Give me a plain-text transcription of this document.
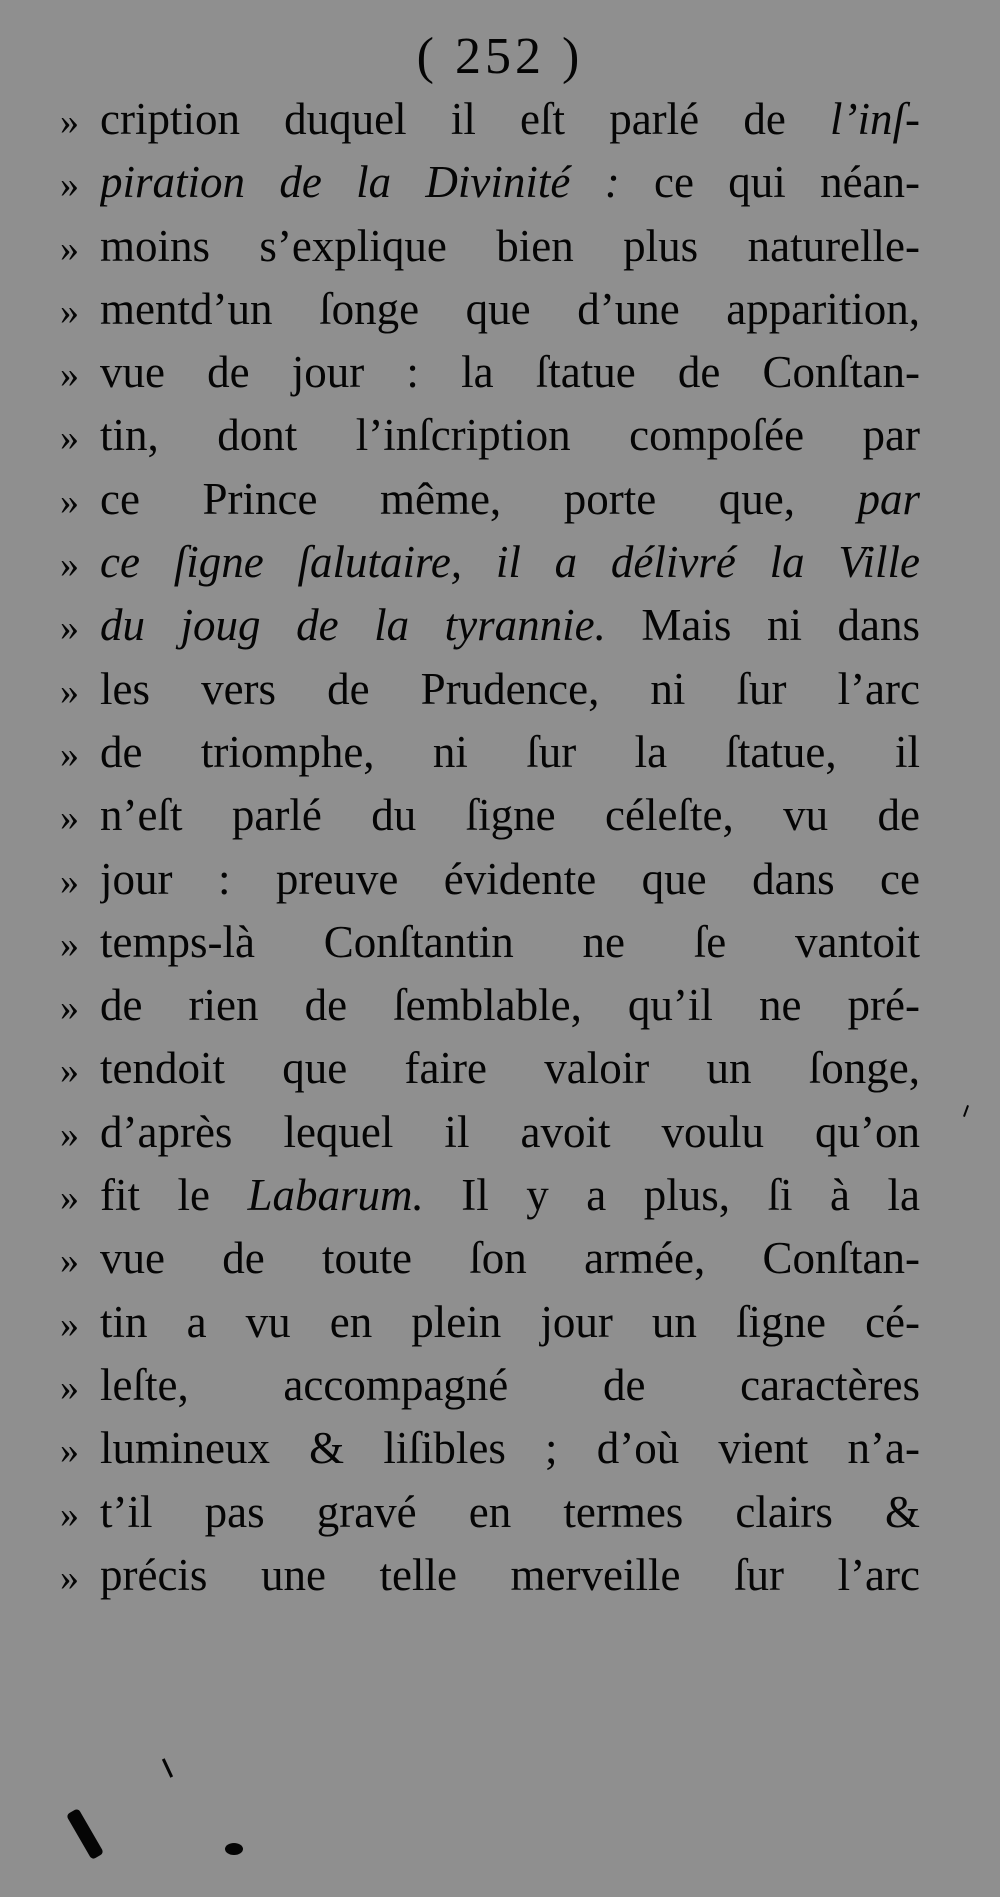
( 252 )
» cription duquel il eſt parlé de l’inſ-
» piration de la Divinité : ce qui néan-
» moins s’explique bien plus naturelle-
» mentd’un ſonge que d’une apparition,
» vue de jour : la ſtatue de Conſtan-
» tin, dont l’inſcription compoſée par
» ce Prince même, porte que, par
» ce ſigne ſalutaire, il a délivré la Ville
» du joug de la tyrannie. Mais ni dans
» les vers de Prudence, ni ſur l’arc
» de triomphe, ni ſur la ſtatue, il
» n’eſt parlé du ſigne céleſte, vu de
» jour : preuve évidente que dans ce
» temps-là Conſtantin ne ſe vantoit
» de rien de ſemblable, qu’il ne pré-
» tendoit que faire valoir un ſonge,
» d’après lequel il avoit voulu qu’on
» fit le Labarum. Il y a plus, ſi à la
» vue de toute ſon armée, Conſtan-
» tin a vu en plein jour un ſigne cé-
» leſte, accompagné de caractères
» lumineux & liſibles ; d’où vient n’a-
» t’il pas gravé en termes clairs &
» précis une telle merveille ſur l’arc
